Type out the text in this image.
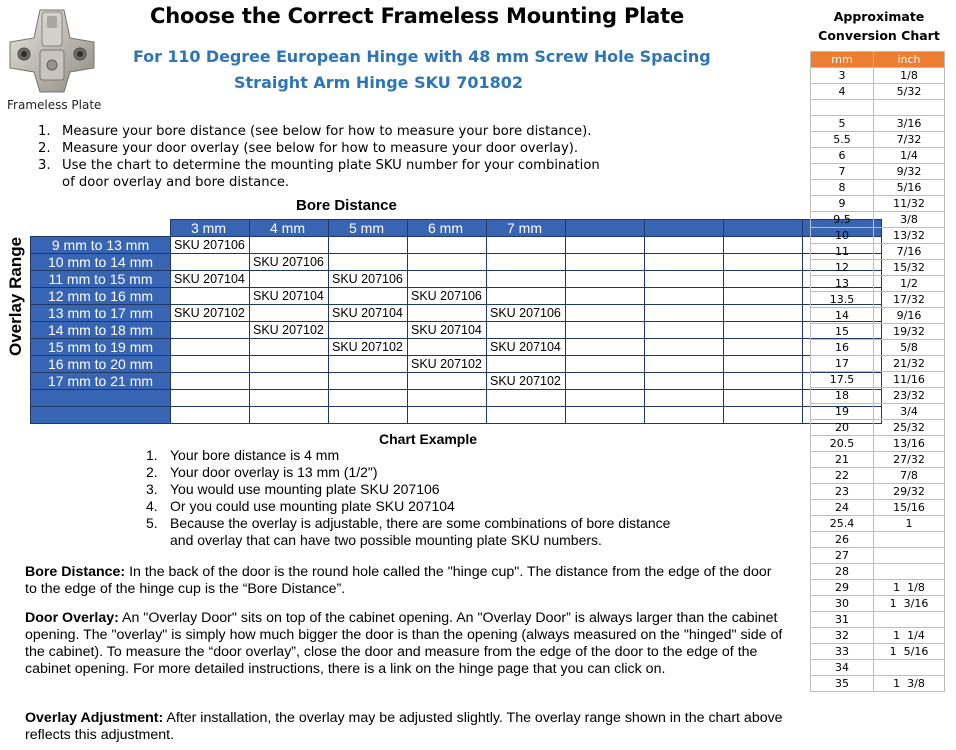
Frameless Plate
Choose the Correct Frameless Mounting Plate
For 110 Degree European Hinge with 48 mm Screw Hole Spacing
Straight Arm Hinge SKU 701802
1. Measure your bore distance (see below for how to measure your bore distance).
2. Measure your door overlay (see below for how to measure your door overlay).
3. Use the chart to determine the mounting plate SKU number for your combination
of door overlay and bore distance.
Bore Distance
Overlay Range
	3 mm	4 mm	5 mm	6 mm	7 mm				
9 mm to 13 mm	SKU 207106								
10 mm to 14 mm		SKU 207106							
11 mm to 15 mm	SKU 207104		SKU 207106						
12 mm to 16 mm		SKU 207104		SKU 207106					
13 mm to 17 mm	SKU 207102		SKU 207104		SKU 207106				
14 mm to 18 mm		SKU 207102		SKU 207104					
15 mm to 19 mm			SKU 207102		SKU 207104				
16 mm to 20 mm				SKU 207102					
17 mm to 21 mm					SKU 207102				

Chart Example
1. Your bore distance is 4 mm
2. Your door overlay is 13 mm (1/2")
3. You would use mounting plate SKU 207106
4. Or you could use mounting plate SKU 207104
5. Because the overlay is adjustable, there are some combinations of bore distance
and overlay that can have two possible mounting plate SKU numbers.
Bore Distance: In the back of the door is the round hole called the "hinge cup". The distance from the edge of the door to the edge of the hinge cup is the “Bore Distance”.
Door Overlay: An "Overlay Door" sits on top of the cabinet opening. An "Overlay Door” is always larger than the cabinet opening. The "overlay" is simply how much bigger the door is than the opening (always measured on the "hinged" side of the cabinet). To measure the “door overlay”, close the door and measure from the edge of the door to the edge of the cabinet opening. For more detailed instructions, there is a link on the hinge page that you can click on.
Overlay Adjustment: After installation, the overlay may be adjusted slightly. The overlay range shown in the chart above reflects this adjustment.
Approximate
Conversion Chart
mm	inch
3	1/8
4	5/32

5	3/16
5.5	7/32
6	1/4
7	9/32
8	5/16
9	11/32
9.5	3/8
10	13/32
11	7/16
12	15/32
13	1/2
13.5	17/32
14	9/16
15	19/32
16	5/8
17	21/32
17.5	11/16
18	23/32
19	3/4
20	25/32
20.5	13/16
21	27/32
22	7/8
23	29/32
24	15/16
25.4	1
26	
27	
28	
29	1  1/8
30	1  3/16
31	
32	1  1/4
33	1  5/16
34	
35	1  3/8
